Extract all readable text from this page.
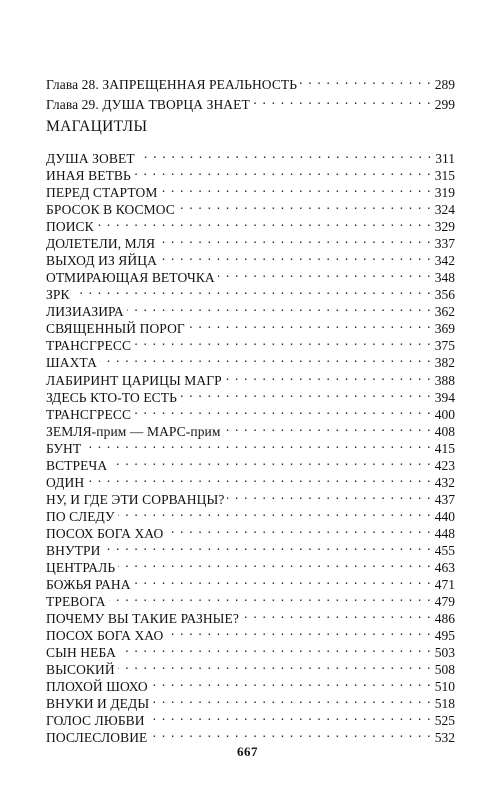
Глава 28. ЗАПРЕЩЕННАЯ РЕАЛЬНОСТЬ . . .	289
Глава 29. ДУША ТВОРЦА ЗНАЕТ . . .	299
МАГАЦИТЛЫ
ДУША ЗОВЕТ . . .	311
ИНАЯ ВЕТВЬ . . .	315
ПЕРЕД СТАРТОМ . . .	319
БРОСОК В КОСМОС . . .	324
ПОИСК . . .	329
ДОЛЕТЕЛИ, МЛЯ . . .	337
ВЫХОД ИЗ ЯЙЦА . . .	342
ОТМИРАЮЩАЯ ВЕТОЧКА . . .	348
ЗРК . . .	356
ЛИЗИАЗИРА . . .	362
СВЯЩЕННЫЙ ПОРОГ . . .	369
ТРАНСГРЕСС . . .	375
ШАХТА . . .	382
ЛАБИРИНТ ЦАРИЦЫ МАГР . . .	388
ЗДЕСЬ КТО-ТО ЕСТЬ . . .	394
ТРАНСГРЕСС . . .	400
ЗЕМЛЯ-прим — МАРС-прим . . .	408
БУНТ . . .	415
ВСТРЕЧА . . .	423
ОДИН . . .	432
НУ, И ГДЕ ЭТИ СОРВАНЦЫ? . . .	437
ПО СЛЕДУ . . .	440
ПОСОХ БОГА ХАО . . .	448
ВНУТРИ . . .	455
ЦЕНТРАЛЬ . . .	463
БОЖЬЯ РАНА . . .	471
ТРЕВОГА . . .	479
ПОЧЕМУ ВЫ ТАКИЕ РАЗНЫЕ? . . .	486
ПОСОХ БОГА ХАО . . .	495
СЫН НЕБА . . .	503
ВЫСОКИЙ . . .	508
ПЛОХОЙ ШОХО . . .	510
ВНУКИ И ДЕДЫ . . .	518
ГОЛОС ЛЮБВИ . . .	525
ПОСЛЕСЛОВИЕ . . .	532
667
